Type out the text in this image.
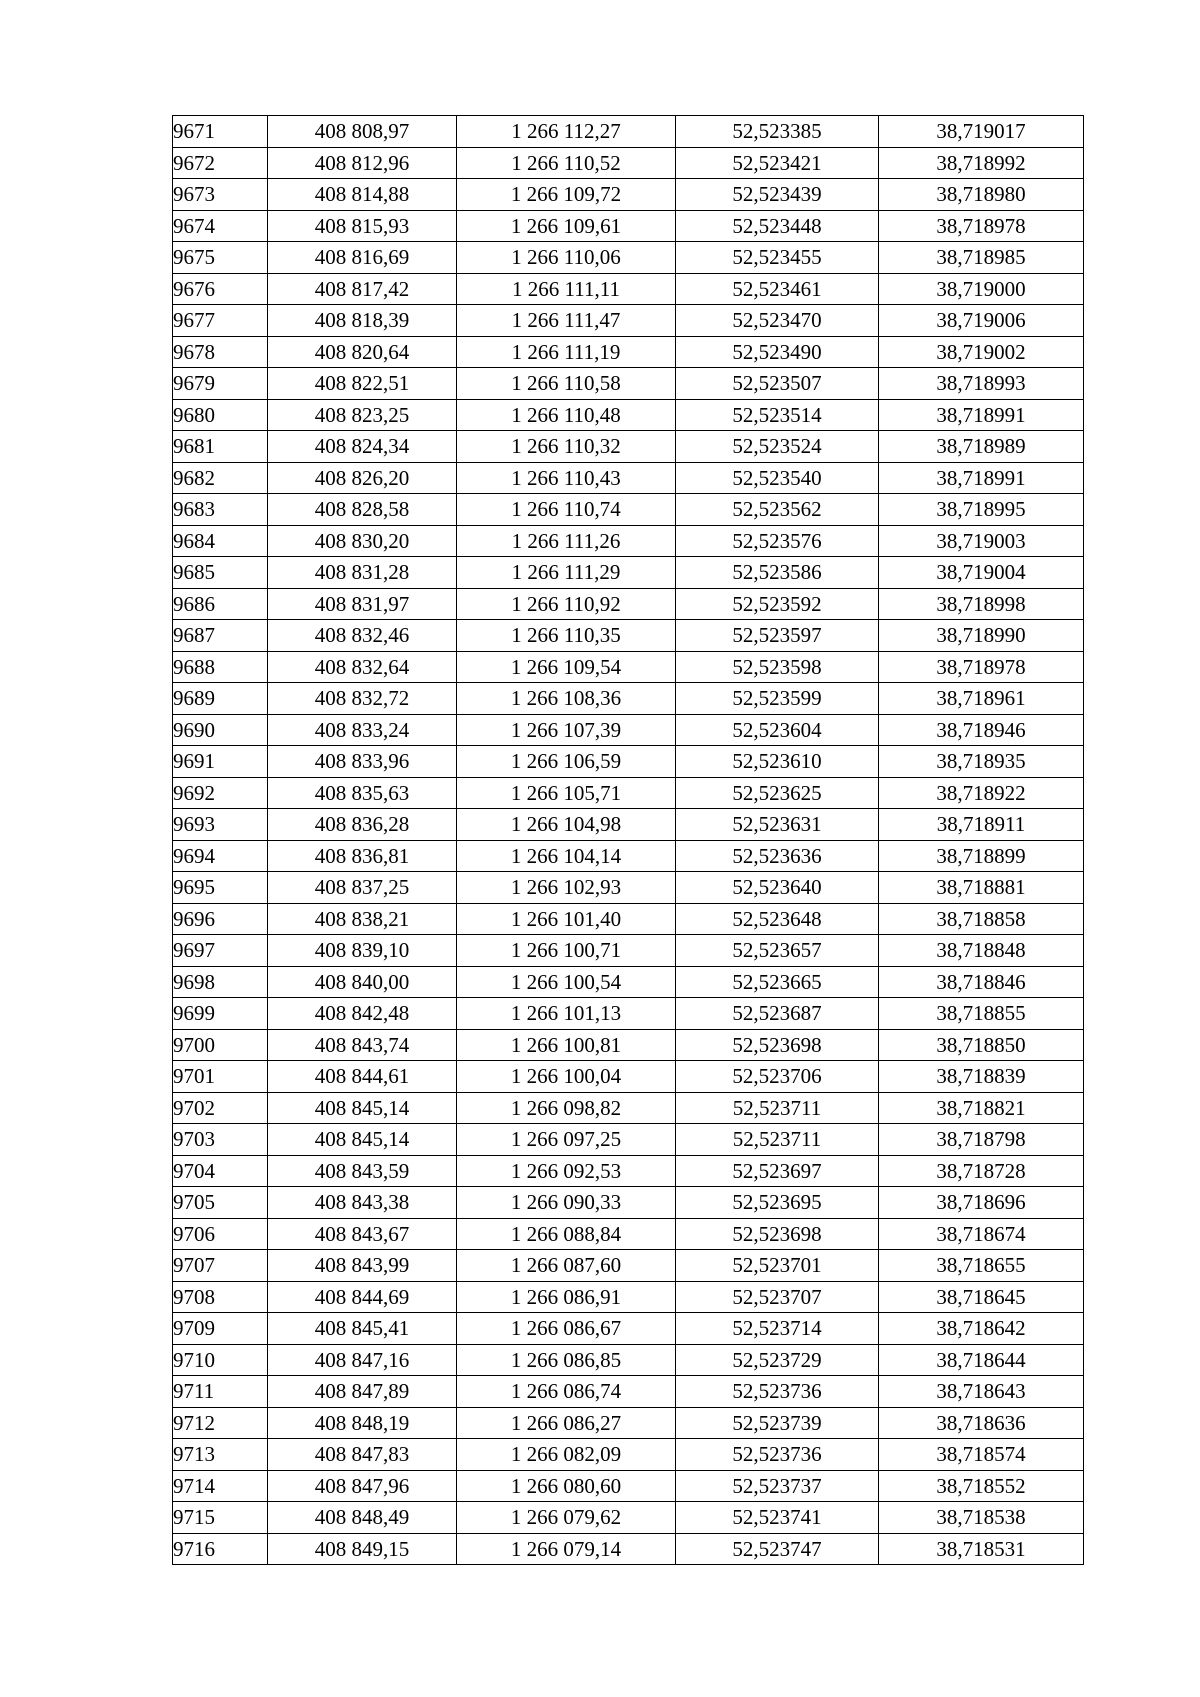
9671	408 808,97	1 266 112,27	52,523385	38,719017
9672	408 812,96	1 266 110,52	52,523421	38,718992
9673	408 814,88	1 266 109,72	52,523439	38,718980
9674	408 815,93	1 266 109,61	52,523448	38,718978
9675	408 816,69	1 266 110,06	52,523455	38,718985
9676	408 817,42	1 266 111,11	52,523461	38,719000
9677	408 818,39	1 266 111,47	52,523470	38,719006
9678	408 820,64	1 266 111,19	52,523490	38,719002
9679	408 822,51	1 266 110,58	52,523507	38,718993
9680	408 823,25	1 266 110,48	52,523514	38,718991
9681	408 824,34	1 266 110,32	52,523524	38,718989
9682	408 826,20	1 266 110,43	52,523540	38,718991
9683	408 828,58	1 266 110,74	52,523562	38,718995
9684	408 830,20	1 266 111,26	52,523576	38,719003
9685	408 831,28	1 266 111,29	52,523586	38,719004
9686	408 831,97	1 266 110,92	52,523592	38,718998
9687	408 832,46	1 266 110,35	52,523597	38,718990
9688	408 832,64	1 266 109,54	52,523598	38,718978
9689	408 832,72	1 266 108,36	52,523599	38,718961
9690	408 833,24	1 266 107,39	52,523604	38,718946
9691	408 833,96	1 266 106,59	52,523610	38,718935
9692	408 835,63	1 266 105,71	52,523625	38,718922
9693	408 836,28	1 266 104,98	52,523631	38,718911
9694	408 836,81	1 266 104,14	52,523636	38,718899
9695	408 837,25	1 266 102,93	52,523640	38,718881
9696	408 838,21	1 266 101,40	52,523648	38,718858
9697	408 839,10	1 266 100,71	52,523657	38,718848
9698	408 840,00	1 266 100,54	52,523665	38,718846
9699	408 842,48	1 266 101,13	52,523687	38,718855
9700	408 843,74	1 266 100,81	52,523698	38,718850
9701	408 844,61	1 266 100,04	52,523706	38,718839
9702	408 845,14	1 266 098,82	52,523711	38,718821
9703	408 845,14	1 266 097,25	52,523711	38,718798
9704	408 843,59	1 266 092,53	52,523697	38,718728
9705	408 843,38	1 266 090,33	52,523695	38,718696
9706	408 843,67	1 266 088,84	52,523698	38,718674
9707	408 843,99	1 266 087,60	52,523701	38,718655
9708	408 844,69	1 266 086,91	52,523707	38,718645
9709	408 845,41	1 266 086,67	52,523714	38,718642
9710	408 847,16	1 266 086,85	52,523729	38,718644
9711	408 847,89	1 266 086,74	52,523736	38,718643
9712	408 848,19	1 266 086,27	52,523739	38,718636
9713	408 847,83	1 266 082,09	52,523736	38,718574
9714	408 847,96	1 266 080,60	52,523737	38,718552
9715	408 848,49	1 266 079,62	52,523741	38,718538
9716	408 849,15	1 266 079,14	52,523747	38,718531
